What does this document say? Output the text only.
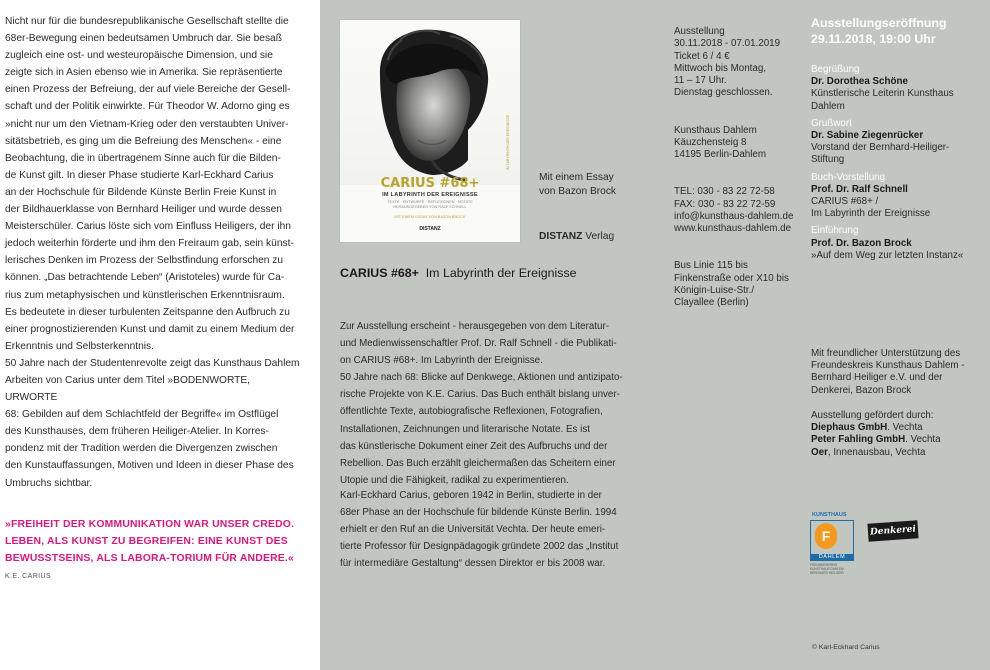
Nicht nur für die bundesrepublikanische Gesellschaft stellte die
68er-Bewegung einen bedeutsamen Umbruch dar. Sie besaß
zugleich eine ost- und westeuropäische Dimension, und sie
zeigte sich in Asien ebenso wie in Amerika. Sie repräsentierte
einen Prozess der Befreiung, der auf viele Bereiche der Gesell-
schaft und der Politik einwirkte. Für Theodor W. Adorno ging es
»nicht nur um den Vietnam-Krieg oder den verstaubten Univer-
sitätsbetrieb, es ging um die Befreiung des Menschen« - eine
Beobachtung, die in übertragenem Sinne auch für die Bilden-
de Kunst gilt. In dieser Phase studierte Karl-Eckhard Carius
an der Hochschule für Bildende Künste Berlin Freie Kunst in
der Bildhauerklasse von Bernhard Heiliger und wurde dessen
Meisterschüler. Carius löste sich vom Einfluss Heiligers, der ihn
jedoch weiterhin förderte und ihm den Freiraum gab, sein künst-
lerisches Denken im Prozess der Selbstfindung erforschen zu
können. „Das betrachtende Leben“ (Aristoteles) wurde für Ca-
rius zum metaphysischen und künstlerischen Erkenntnisraum.
Es bedeutete in dieser turbulenten Zeitspanne den Aufbruch zu
einer prognostizierenden Kunst und damit zu einem Medium der
Erkenntnis und Selbsterkenntnis.
50 Jahre nach der Studentenrevolte zeigt das Kunsthaus Dahlem
Arbeiten von Carius unter dem Titel »BODENWORTE, URWORTE
68: Gebilden auf dem Schlachtfeld der Begriffe« im Ostflügel
des Kunsthauses, dem früheren Heiliger-Atelier. In Korres-
pondenz mit der Tradition werden die Divergenzen zwischen
den Kunstauffassungen, Motiven und Ideen in dieser Phase des
Umbruchs sichtbar.
»FREIHEIT DER KOMMUNIKATION WAR UNSER CREDO. LEBEN, ALS KUNST ZU BEGREIFEN: EINE KUNST DES BEWUSSTSEINS, ALS LABORA-TORIUM FÜR ANDERE.« K.E. CARIUS
CARIUS #68+
IM LABYRINTH DER EREIGNISSE
TEXTE · ENTWÜRFE · REFLEXIONEN · NOTATE
HERAUSGEGEBEN VON RALF SCHNELL
MIT EINEM ESSAY VON BAZON BROCK
DISTANZ
IM LABYRINTH DER EREIGNISSE
Mit einem Essay
von Bazon Brock
DISTANZ Verlag
CARIUS #68+  Im Labyrinth der Ereignisse
Zur Ausstellung erscheint - herausgegeben von dem Literatur-
und Medienwissenschaftler Prof. Dr. Ralf Schnell - die Publikati-
on CARIUS #68+. Im Labyrinth der Ereignisse.
50 Jahre nach 68: Blicke auf Denkwege, Aktionen und antizipato-
rische Projekte von K.E. Carius. Das Buch enthält bislang unver-
öffentlichte Texte, autobiografische Reflexionen, Fotografien,
Installationen, Zeichnungen und literarische Notate. Es ist
das künstlerische Dokument einer Zeit des Aufbruchs und der
Rebellion. Das Buch erzählt gleichermaßen das Scheitern einer
Utopie und die Fähigkeit, radikal zu experimentieren.
Karl-Eckhard Carius, geboren 1942 in Berlin, studierte in der
68er Phase an der Hochschule für bildende Künste Berlin. 1994
erhielt er den Ruf an die Universität Vechta. Der heute emeri-
tierte Professor für Designpädagogik gründete 2002 das „Institut
für intermediäre Gestaltung“ dessen Direktor er bis 2008 war.

Ausstellung
30.11.2018 - 07.01.2019
Ticket 6 / 4 €
Mittwoch bis Montag,
11 – 17 Uhr.
Dienstag geschlossen.

Kunsthaus Dahlem
Käuzchensteig 8
14195 Berlin-Dahlem

TEL: 030 - 83 22 72-58
FAX: 030 - 83 22 72-59
info@kunsthaus-dahlem.de
www.kunsthaus-dahlem.de

Bus Linie 115 bis
Finkenstraße oder X10 bis
Königin-Luise-Str./
Clayallee (Berlin)

Ausstellungseröffnung
29.11.2018, 19:00 Uhr
Begrüßung
Dr. Dorothea Schöne
Künstlerische Leiterin Kunsthaus
Dahlem
Grußwort
Dr. Sabine Ziegenrücker
Vorstand der Bernhard-Heiliger-
Stiftung
Buch-Vorstellung
Prof. Dr. Ralf Schnell
CARIUS #68+ /
Im Labyrinth der Ereignisse
Einführung
Prof. Dr. Bazon Brock
»Auf dem Weg zur letzten Instanz«
Mit freundlicher Unterstützung des
Freundeskreis Kunsthaus Dahlem -
Bernhard Heiliger e.V. und der
Denkerei, Bazon Brock
Ausstellung gefördert durch:
Diephaus GmbH. Vechta
Peter Fahling GmbH. Vechta
Oer, Innenausbau, Vechta
KUNSTHAUS
F
DAHLEM
FREUNDESKREIS
KUNSTHAUS DAHLEM
BERNHARD HEILIGER
Denkerei
© Karl-Eckhard Carius
